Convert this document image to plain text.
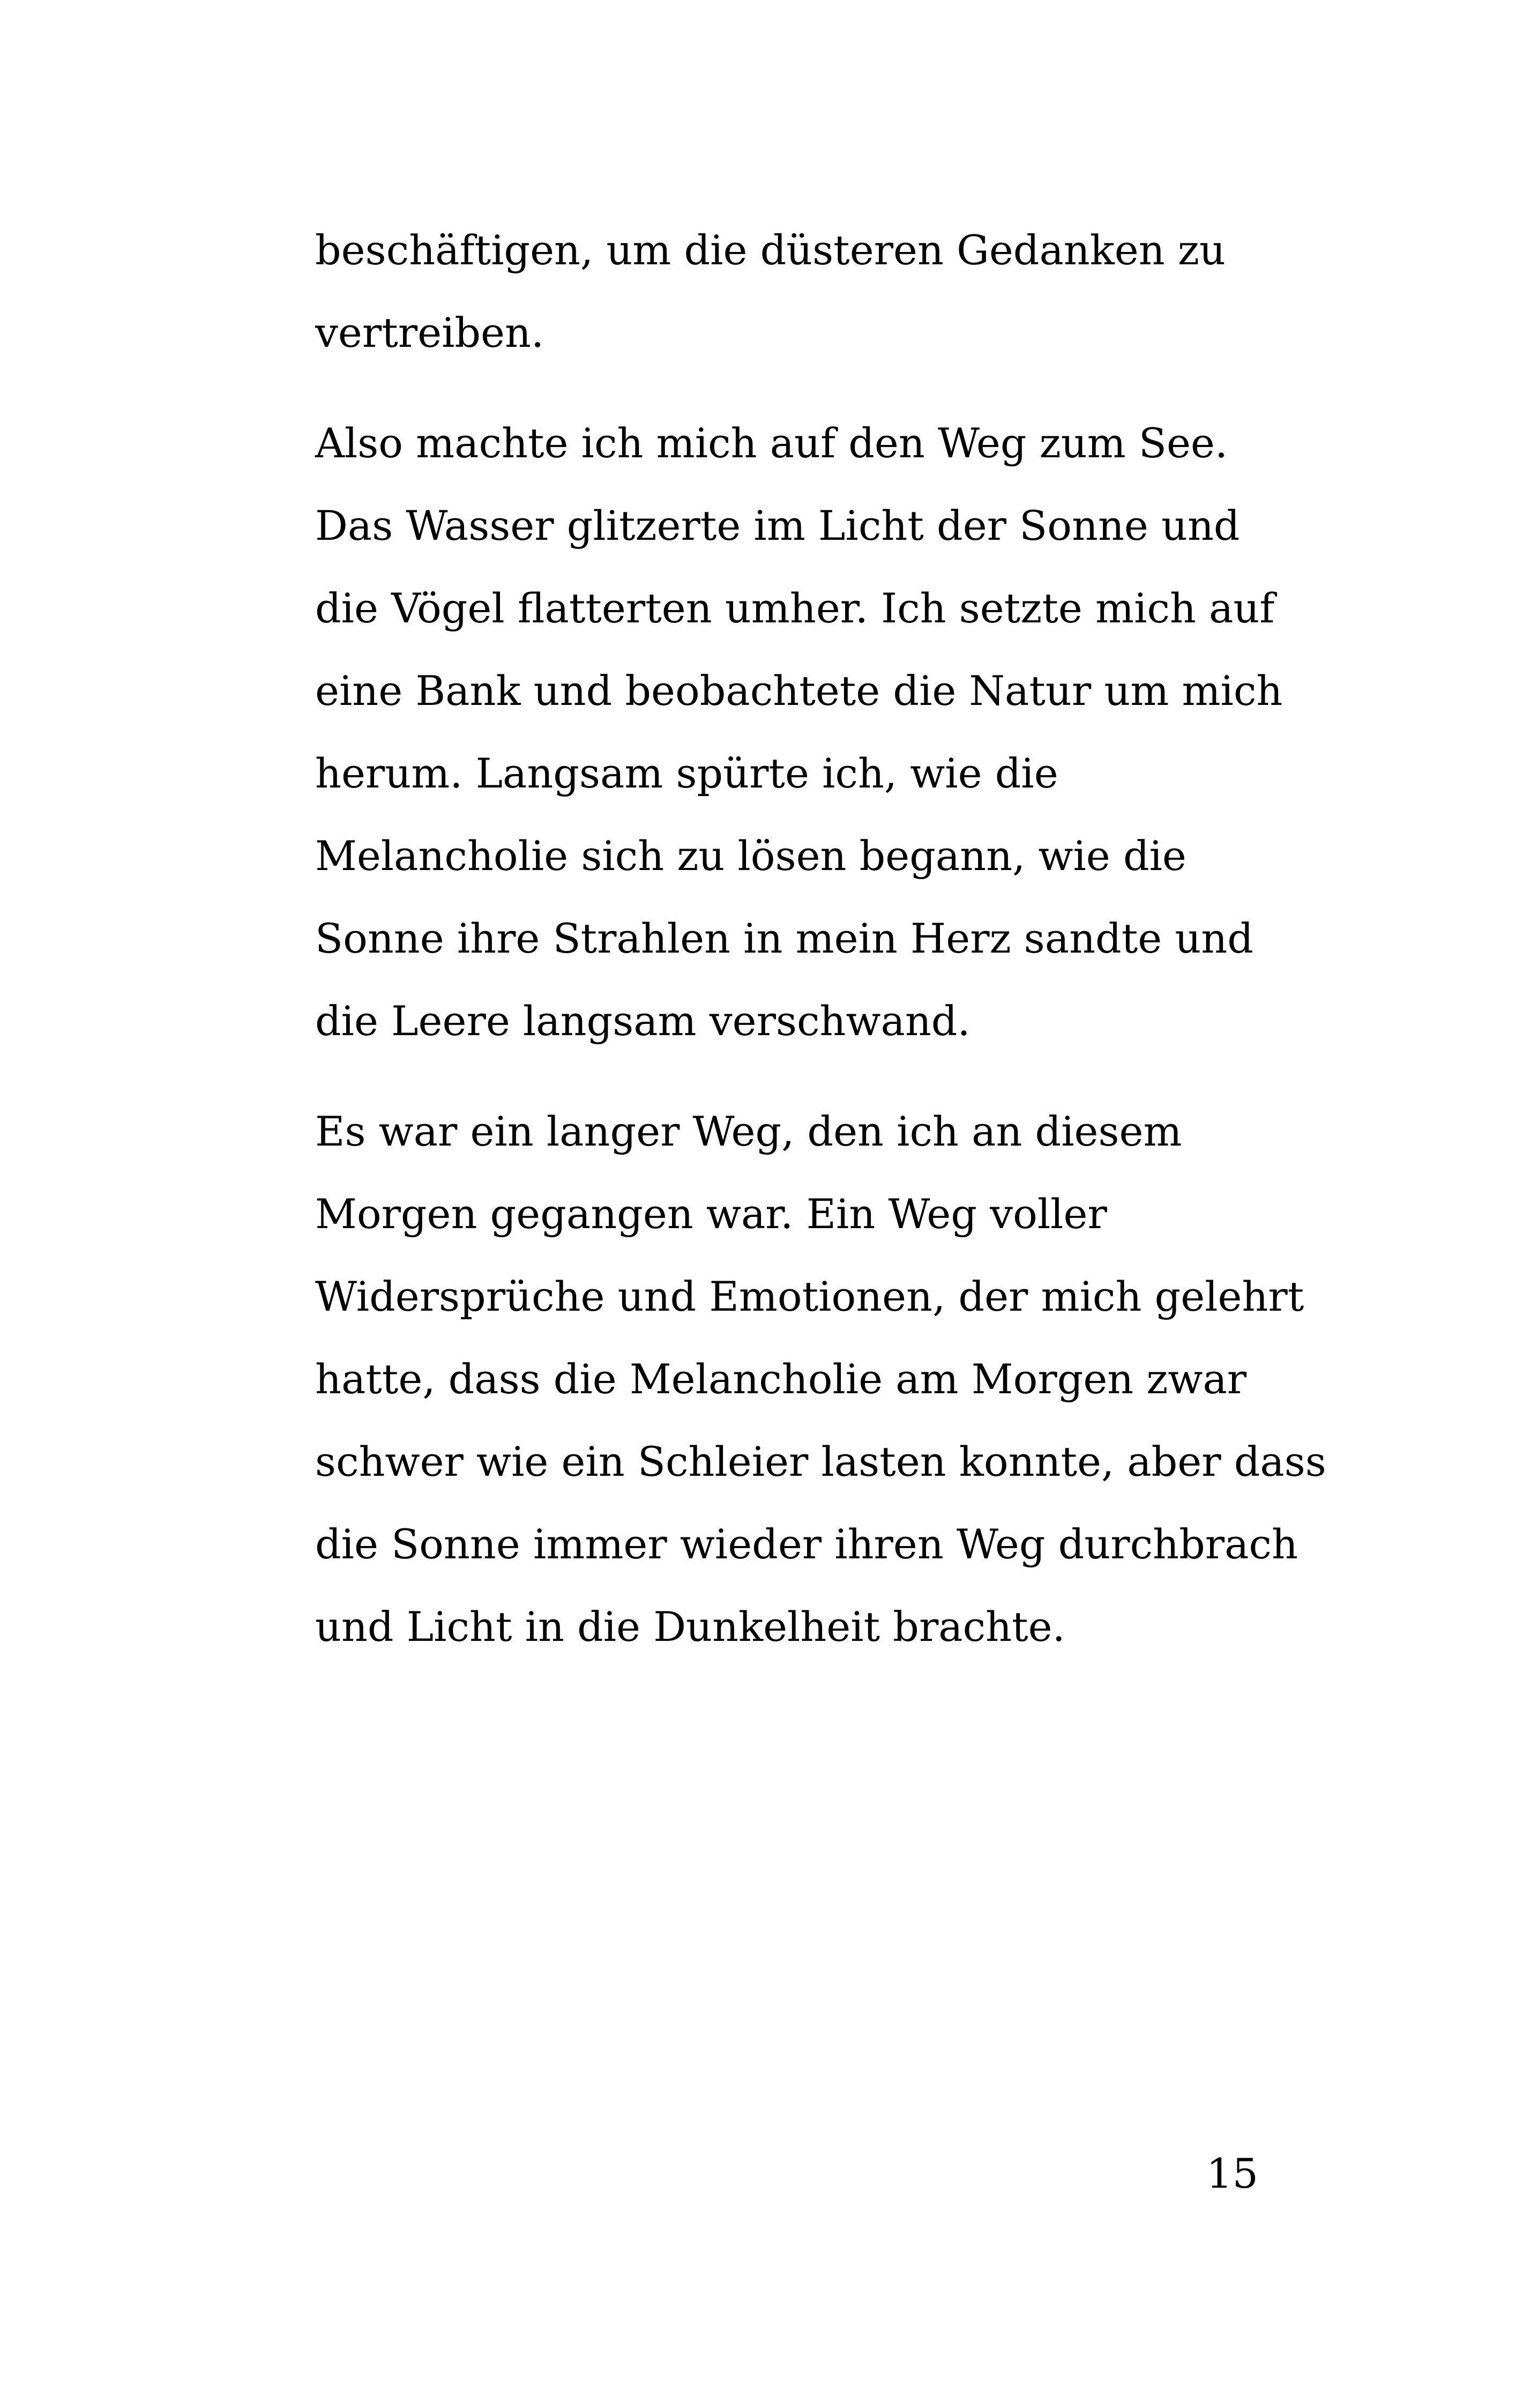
beschäftigen, um die düsteren Gedanken zu
vertreiben.
Also machte ich mich auf den Weg zum See.
Das Wasser glitzerte im Licht der Sonne und
die Vögel flatterten umher. Ich setzte mich auf
eine Bank und beobachtete die Natur um mich
herum. Langsam spürte ich, wie die
Melancholie sich zu lösen begann, wie die
Sonne ihre Strahlen in mein Herz sandte und
die Leere langsam verschwand.
Es war ein langer Weg, den ich an diesem
Morgen gegangen war. Ein Weg voller
Widersprüche und Emotionen, der mich gelehrt
hatte, dass die Melancholie am Morgen zwar
schwer wie ein Schleier lasten konnte, aber dass
die Sonne immer wieder ihren Weg durchbrach
und Licht in die Dunkelheit brachte.
15
